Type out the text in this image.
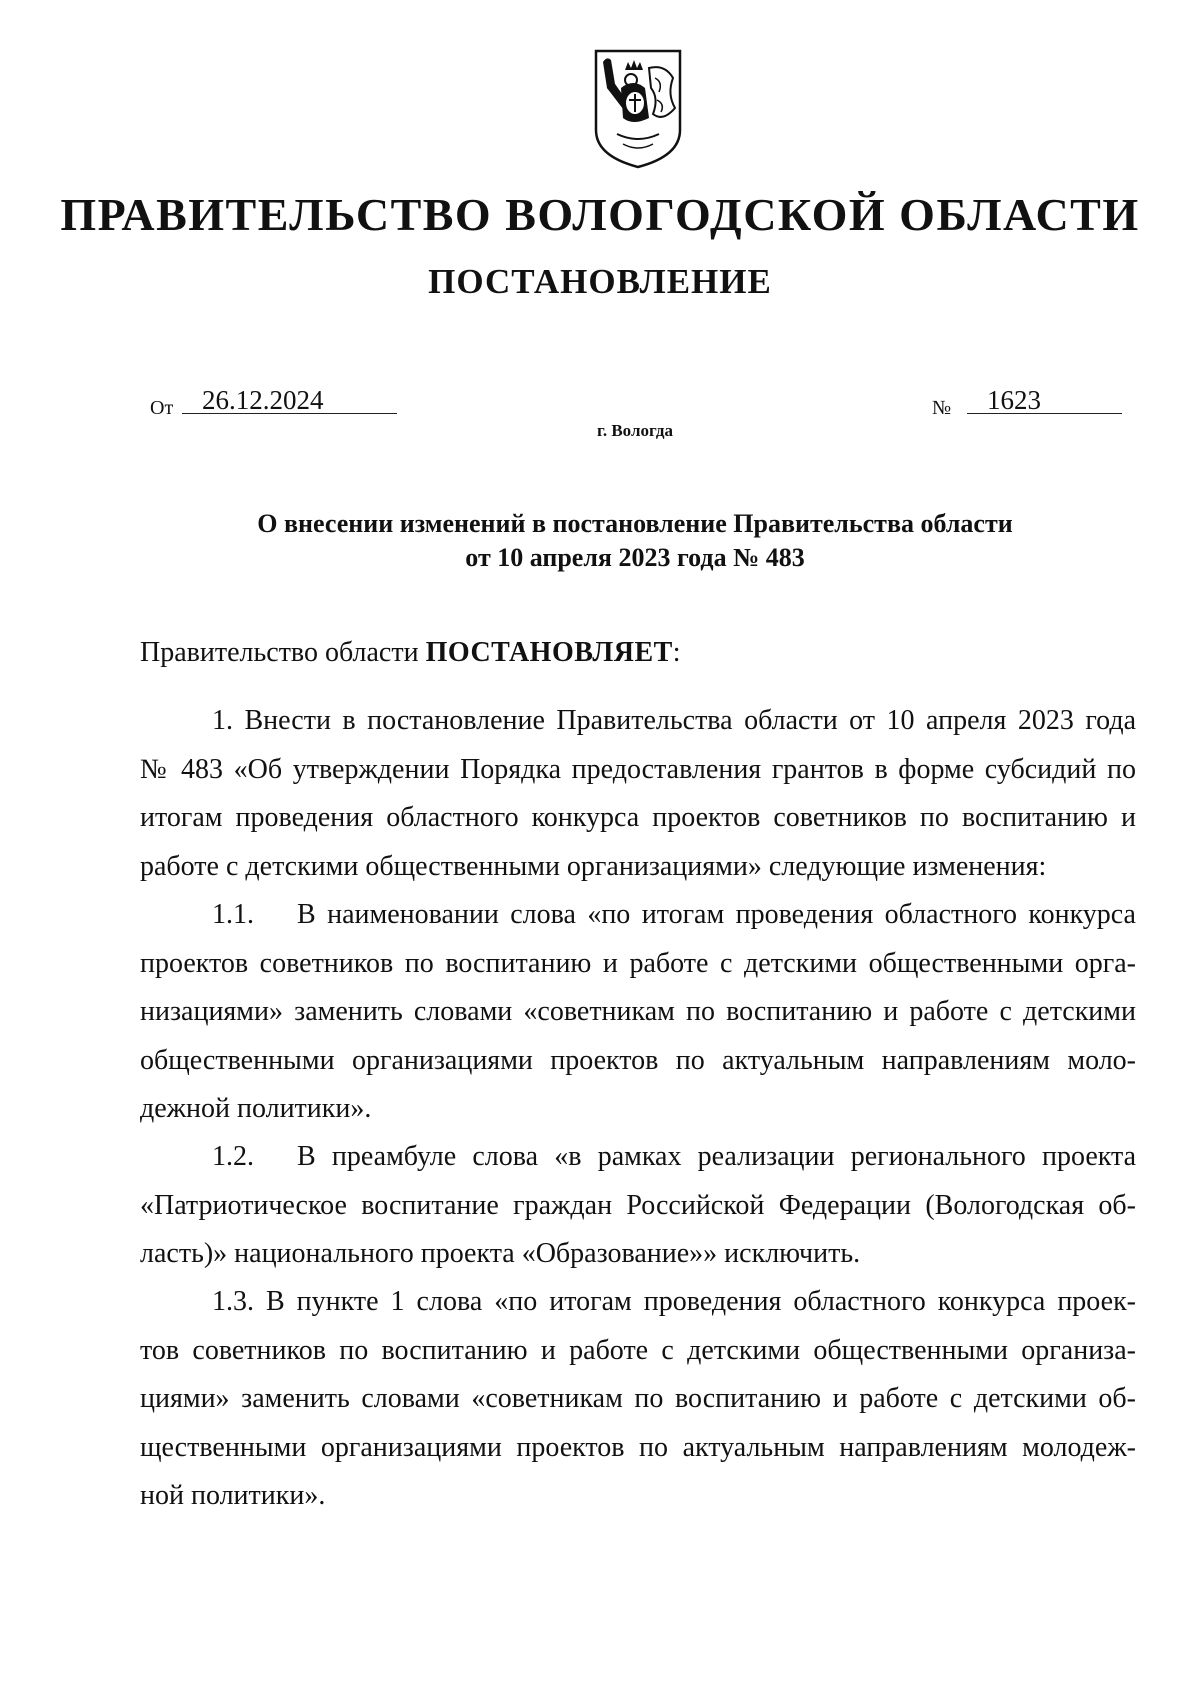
ПРАВИТЕЛЬСТВО ВОЛОГОДСКОЙ ОБЛАСТИ
ПОСТАНОВЛЕНИЕ
От 26.12.2024	№ 1623
г. Вологда
О внесении изменений в постановление Правительства области
от 10 апреля 2023 года № 483
Правительство области ПОСТАНОВЛЯЕТ:
1. Внести в постановление Правительства области от 10 апреля 2023 года
№ 483 «Об утверждении Порядка предоставления грантов в форме субсидий по
итогам проведения областного конкурса проектов советников по воспитанию и
работе с детскими общественными организациями» следующие изменения:
1.1. В наименовании слова «по итогам проведения областного конкурса
проектов советников по воспитанию и работе с детскими общественными орга-
низациями» заменить словами «советникам по воспитанию и работе с детскими
общественными организациями проектов по актуальным направлениям моло-
дежной политики».
1.2. В преамбуле слова «в рамках реализации регионального проекта
«Патриотическое воспитание граждан Российской Федерации (Вологодская об-
ласть)» национального проекта «Образование»» исключить.
1.3. В пункте 1 слова «по итогам проведения областного конкурса проек-
тов советников по воспитанию и работе с детскими общественными организа-
циями» заменить словами «советникам по воспитанию и работе с детскими об-
щественными организациями проектов по актуальным направлениям молодеж-
ной политики».
